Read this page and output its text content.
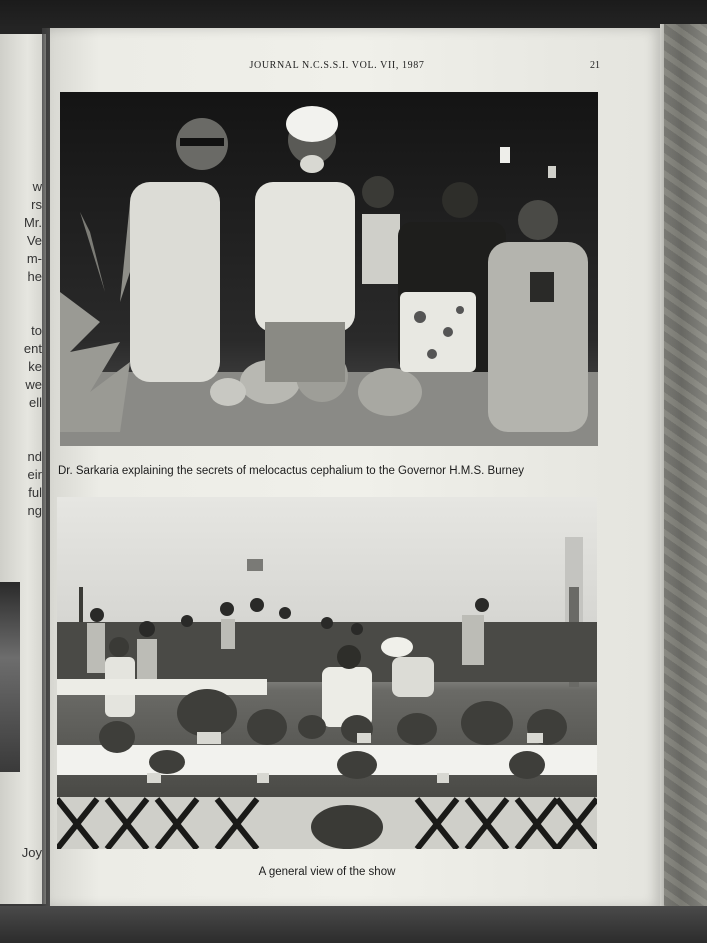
w
rs
Mr.
Ve
m-
he
to
ent
ke
we
ell
nd
eir
ful
ng
Joy
JOURNAL N.C.S.S.I. VOL. VII, 1987	21
Dr. Sarkaria explaining the secrets of melocactus cephalium to the Governor H.M.S. Burney
A general view of the show
